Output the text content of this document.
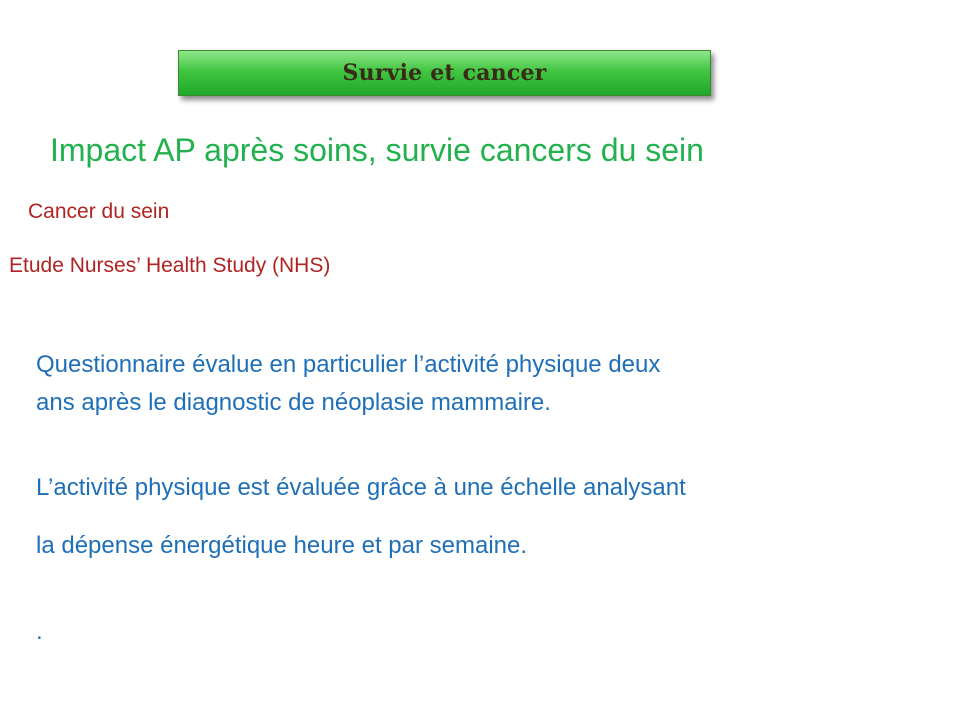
Survie et cancer
Impact AP après soins, survie cancers du sein
Cancer du sein
Etude Nurses’ Health Study (NHS)
Questionnaire évalue en particulier l’activité physique deux
ans après le diagnostic de néoplasie mammaire.
L’activité physique est évaluée grâce à une échelle analysant
la dépense énergétique heure et par semaine.
.
